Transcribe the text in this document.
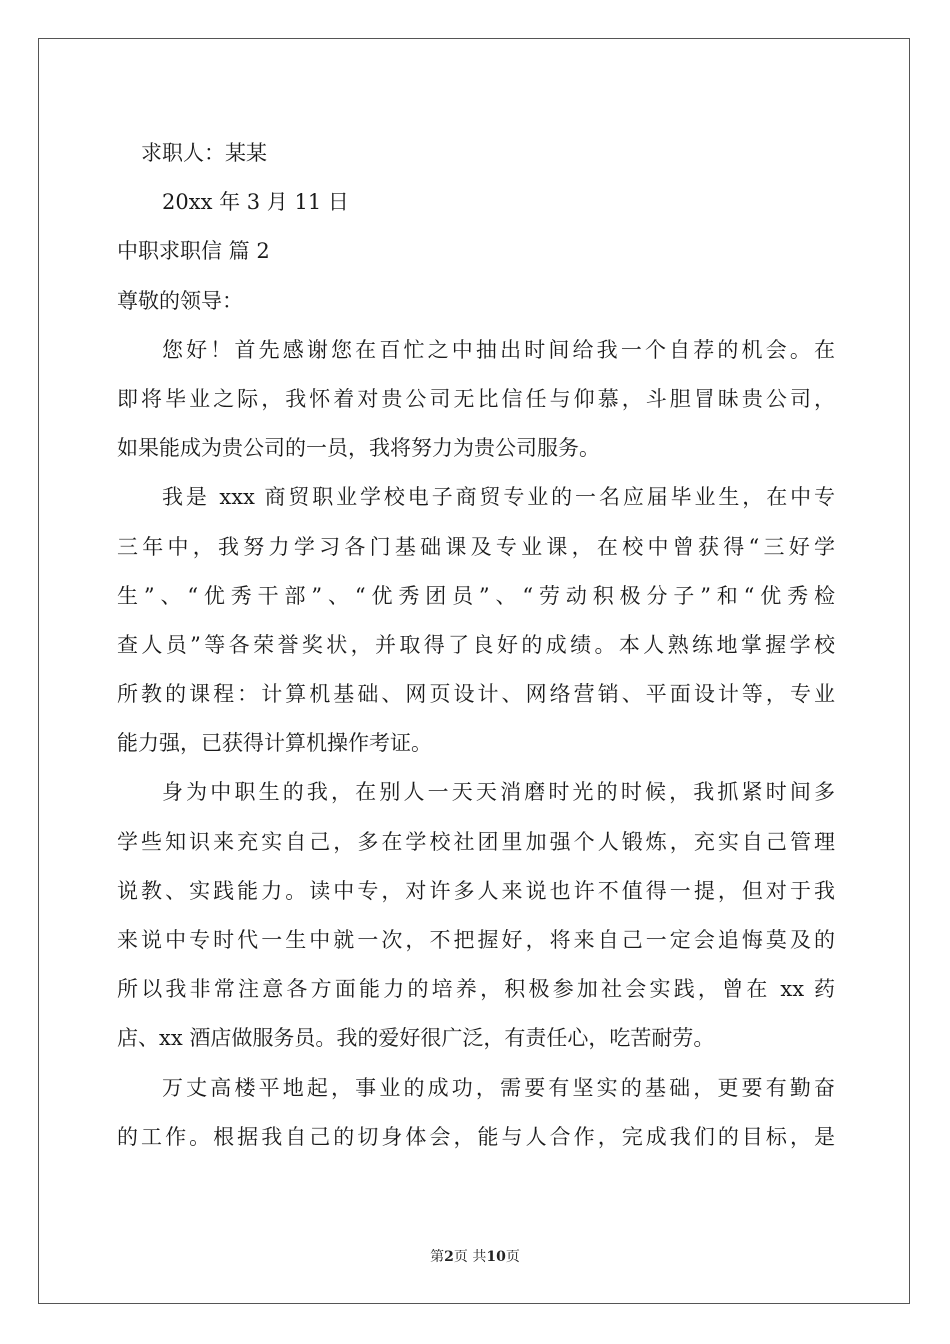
求职人：某某
20xx 年 3 月 11 日
中职求职信 篇 2
尊敬的领导：
您好！首先感谢您在百忙之中抽出时间给我一个自荐的机会。在
即将毕业之际，我怀着对贵公司无比信任与仰慕，斗胆冒昧贵公司，
如果能成为贵公司的一员，我将努力为贵公司服务。
我是 xxx 商贸职业学校电子商贸专业的一名应届毕业生，在中专
三年中，我努力学习各门基础课及专业课，在校中曾获得“三好学
生”、“优秀干部”、“优秀团员”、“劳动积极分子”和“优秀检
查人员”等各荣誉奖状，并取得了良好的成绩。本人熟练地掌握学校
所教的课程：计算机基础、网页设计、网络营销、平面设计等，专业
能力强，已获得计算机操作考证。
身为中职生的我，在别人一天天消磨时光的时候，我抓紧时间多
学些知识来充实自己，多在学校社团里加强个人锻炼，充实自己管理
说教、实践能力。读中专，对许多人来说也许不值得一提，但对于我
来说中专时代一生中就一次，不把握好，将来自己一定会追悔莫及的
所以我非常注意各方面能力的培养，积极参加社会实践，曾在 xx 药
店、xx 酒店做服务员。我的爱好很广泛，有责任心，吃苦耐劳。
万丈高楼平地起，事业的成功，需要有坚实的基础，更要有勤奋
的工作。根据我自己的切身体会，能与人合作，完成我们的目标，是
第2页 共10页
